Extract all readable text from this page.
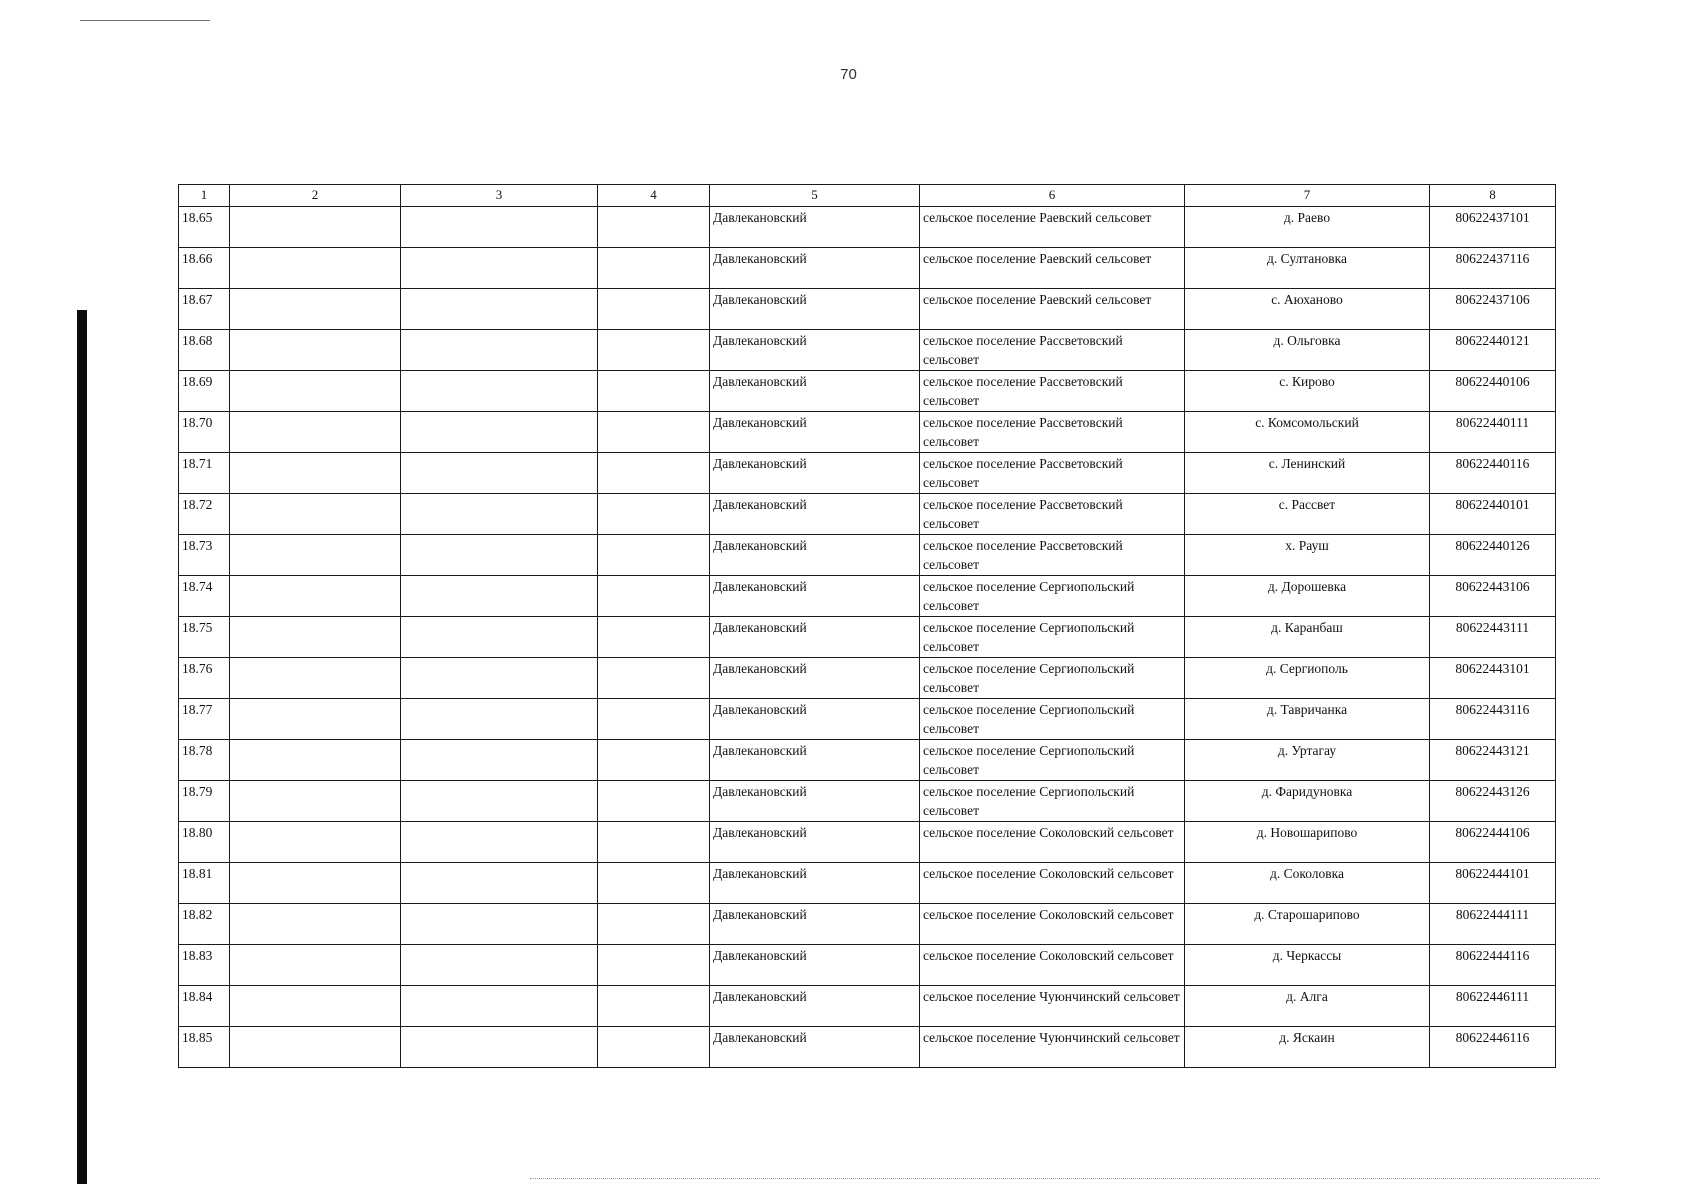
70
1	2	3	4	5	6	7	8
18.65				Давлекановский	сельское поселение Раевский сельсовет	д. Раево	80622437101
18.66				Давлекановский	сельское поселение Раевский сельсовет	д. Султановка	80622437116
18.67				Давлекановский	сельское поселение Раевский сельсовет	с. Аюханово	80622437106
18.68				Давлекановский	сельское поселение Рассветовский сельсовет	д. Ольговка	80622440121
18.69				Давлекановский	сельское поселение Рассветовский сельсовет	с. Кирово	80622440106
18.70				Давлекановский	сельское поселение Рассветовский сельсовет	с. Комсомольский	80622440111
18.71				Давлекановский	сельское поселение Рассветовский сельсовет	с. Ленинский	80622440116
18.72				Давлекановский	сельское поселение Рассветовский сельсовет	с. Рассвет	80622440101
18.73				Давлекановский	сельское поселение Рассветовский сельсовет	х. Рауш	80622440126
18.74				Давлекановский	сельское поселение Сергиопольский сельсовет	д. Дорошевка	80622443106
18.75				Давлекановский	сельское поселение Сергиопольский сельсовет	д. Каранбаш	80622443111
18.76				Давлекановский	сельское поселение Сергиопольский сельсовет	д. Сергиополь	80622443101
18.77				Давлекановский	сельское поселение Сергиопольский сельсовет	д. Тавричанка	80622443116
18.78				Давлекановский	сельское поселение Сергиопольский сельсовет	д. Уртагау	80622443121
18.79				Давлекановский	сельское поселение Сергиопольский сельсовет	д. Фаридуновка	80622443126
18.80				Давлекановский	сельское поселение Соколовский сельсовет	д. Новошарипово	80622444106
18.81				Давлекановский	сельское поселение Соколовский сельсовет	д. Соколовка	80622444101
18.82				Давлекановский	сельское поселение Соколовский сельсовет	д. Старошарипово	80622444111
18.83				Давлекановский	сельское поселение Соколовский сельсовет	д. Черкассы	80622444116
18.84				Давлекановский	сельское поселение Чуюнчинский сельсовет	д. Алга	80622446111
18.85				Давлекановский	сельское поселение Чуюнчинский сельсовет	д. Яскаин	80622446116
